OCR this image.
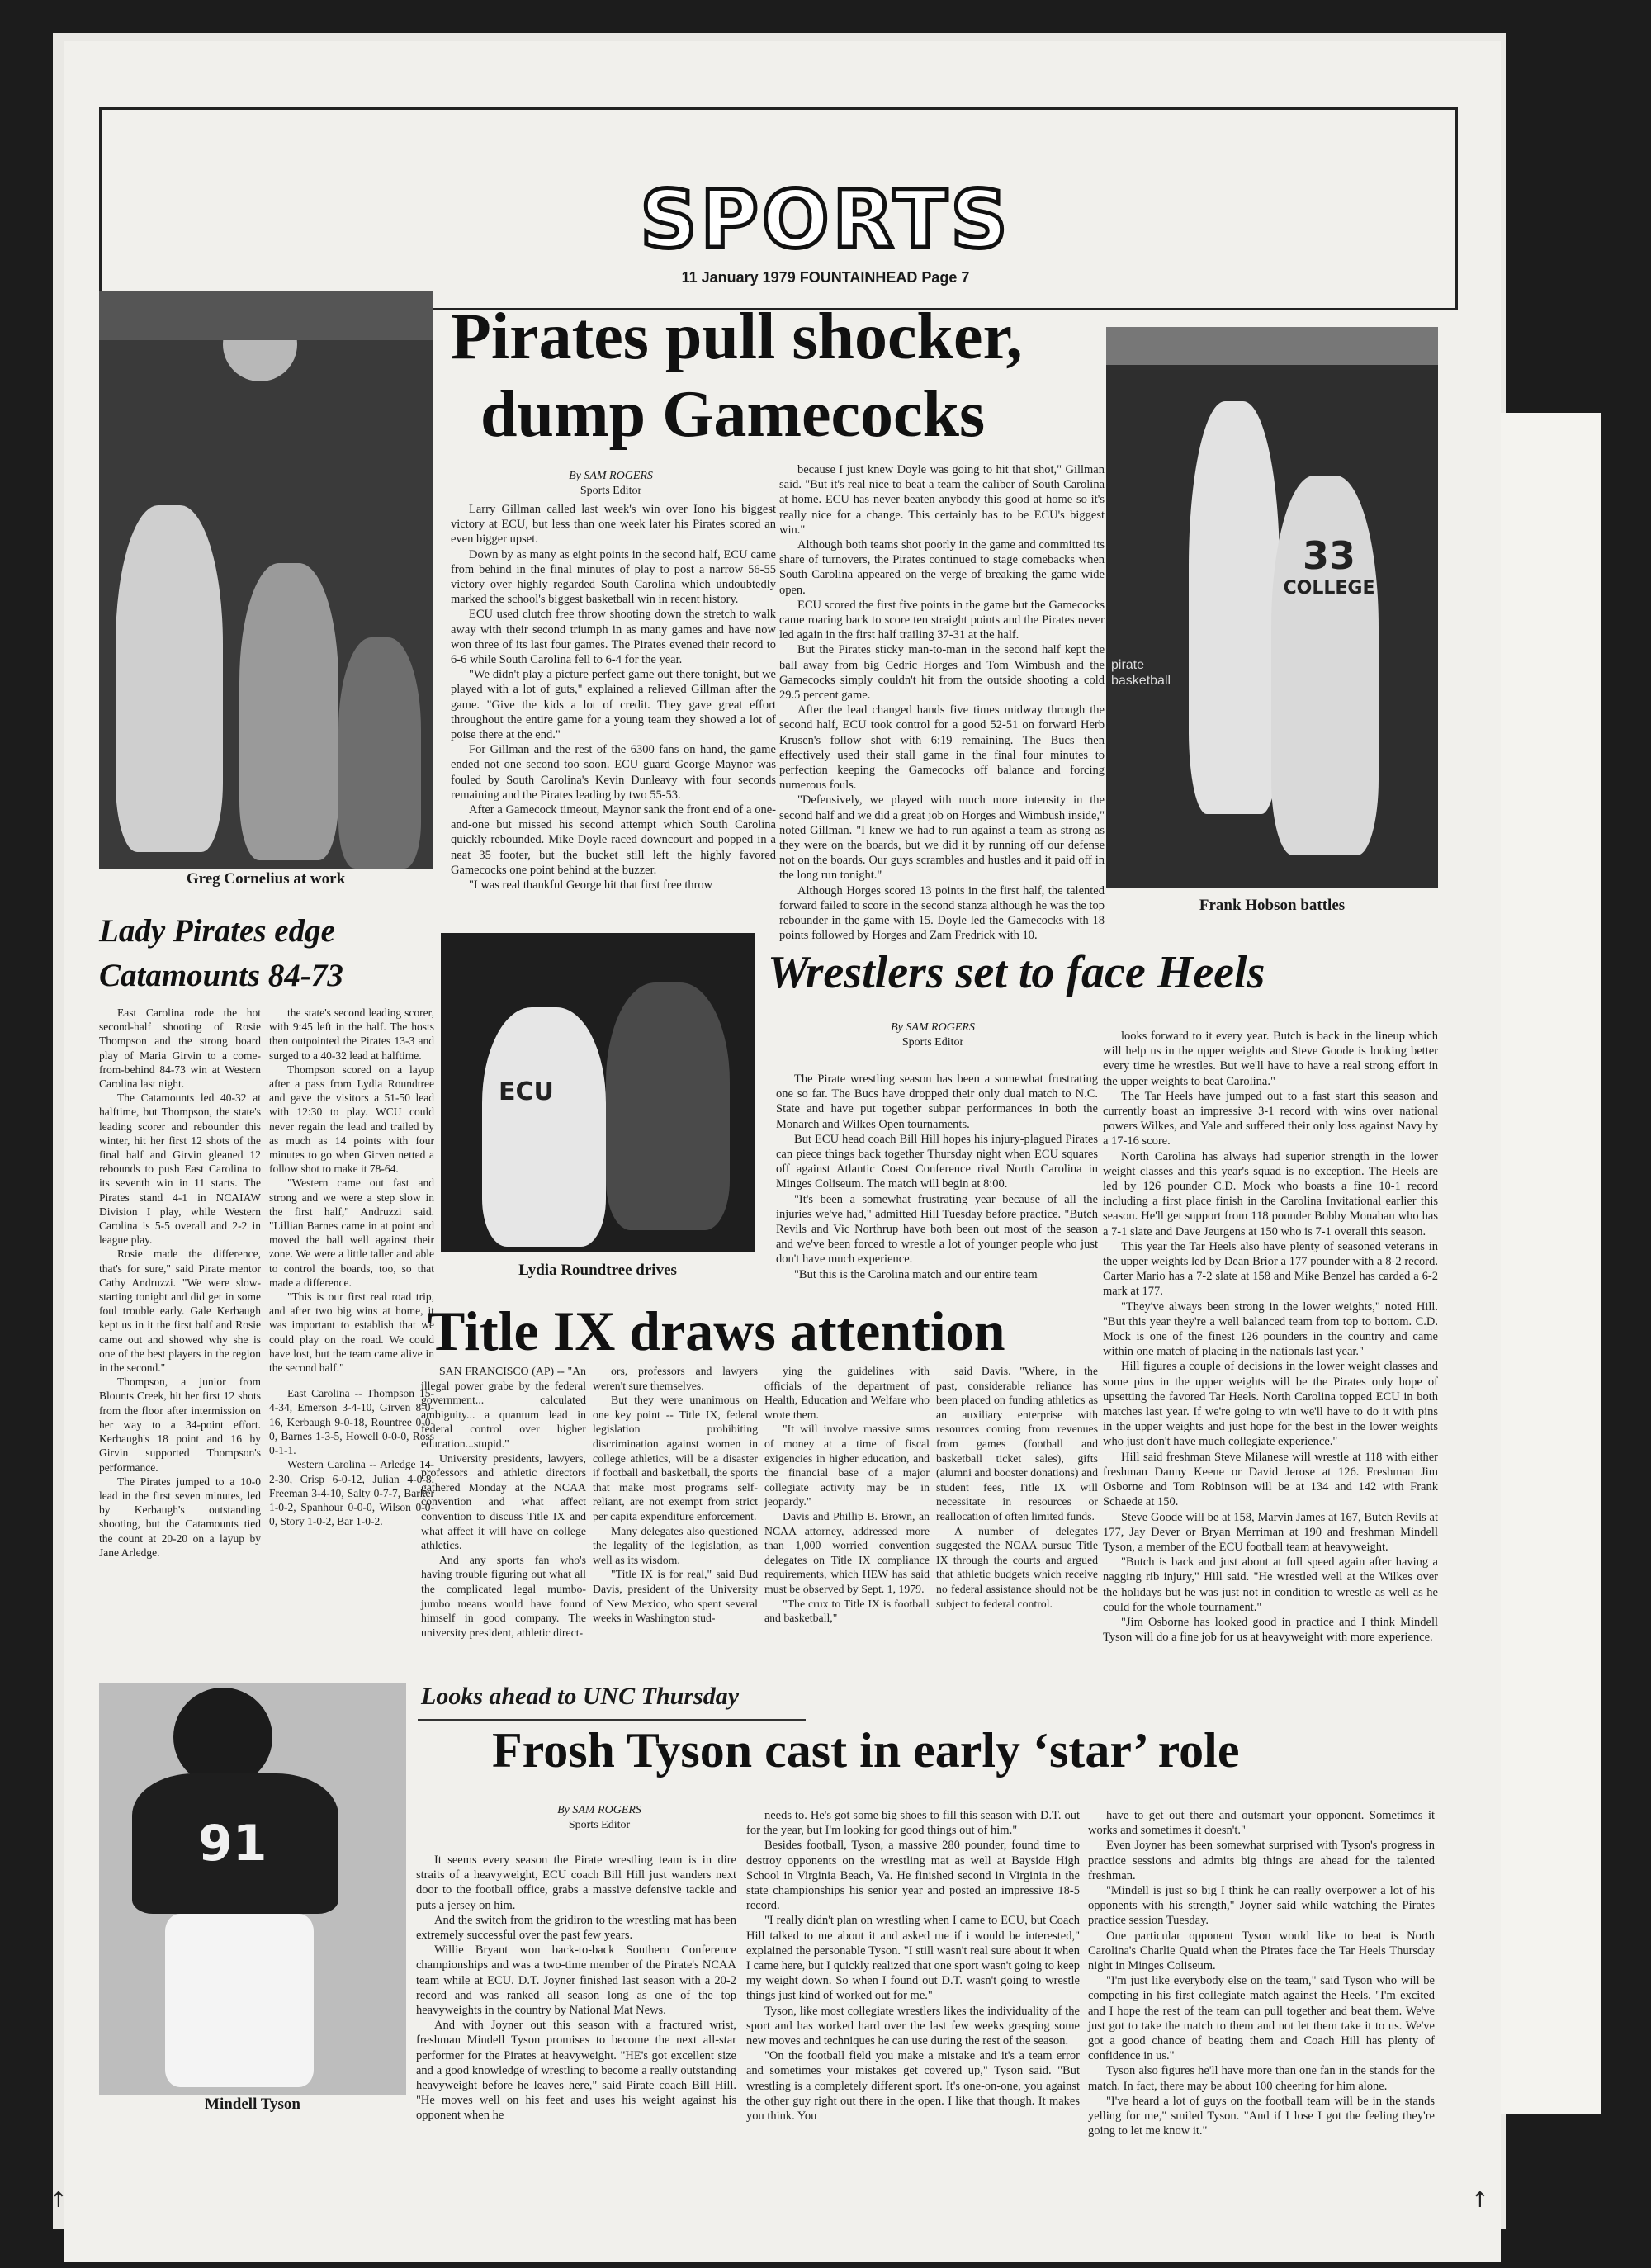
SPORTS
11 January 1979 FOUNTAINHEAD Page 7
Greg Cornelius at work
Pirates pull shocker,
dump Gamecocks
By SAM ROGERS
Sports Editor

Larry Gillman called last week's win over Iono his biggest victory at ECU, but less than one week later his Pirates scored an even bigger upset.

Down by as many as eight points in the second half, ECU came from behind in the final minutes of play to post a narrow 56-55 victory over highly regarded South Carolina which undoubtedly marked the school's biggest basketball win in recent history.

ECU used clutch free throw shooting down the stretch to walk away with their second triumph in as many games and have now won three of its last four games. The Pirates evened their record to 6-6 while South Carolina fell to 6-4 for the year.

"We didn't play a picture perfect game out there tonight, but we played with a lot of guts," explained a relieved Gillman after the game. "Give the kids a lot of credit. They gave great effort throughout the entire game for a young team they showed a lot of poise there at the end."

For Gillman and the rest of the 6300 fans on hand, the game ended not one second too soon. ECU guard George Maynor was fouled by South Carolina's Kevin Dunleavy with four seconds remaining and the Pirates leading by two 55-53.

After a Gamecock timeout, Maynor sank the front end of a one-and-one but missed his second attempt which South Carolina quickly rebounded. Mike Doyle raced downcourt and popped in a neat 35 footer, but the bucket still left the highly favored Gamecocks one point behind at the buzzer.

"I was real thankful George hit that first free throw

because I just knew Doyle was going to hit that shot," Gillman said. "But it's real nice to beat a team the caliber of South Carolina at home. ECU has never beaten anybody this good at home so it's really nice for a change. This certainly has to be ECU's biggest win."

Although both teams shot poorly in the game and committed its share of turnovers, the Pirates continued to stage comebacks when South Carolina appeared on the verge of breaking the game wide open.

ECU scored the first five points in the game but the Gamecocks came roaring back to score ten straight points and the Pirates never led again in the first half trailing 37-31 at the half.

But the Pirates sticky man-to-man in the second half kept the ball away from big Cedric Horges and Tom Wimbush and the Gamecocks simply couldn't hit from the outside shooting a cold 29.5 percent game.

After the lead changed hands five times midway through the second half, ECU took control for a good 52-51 on forward Herb Krusen's follow shot with 6:19 remaining. The Bucs then effectively used their stall game in the final four minutes to perfection keeping the Gamecocks off balance and forcing numerous fouls.

"Defensively, we played with much more intensity in the second half and we did a great job on Horges and Wimbush inside," noted Gillman. "I knew we had to run against a team as strong as they were on the boards, but we did it by running off our defense not on the boards. Our guys scrambles and hustles and it paid off in the long run tonight."

Although Horges scored 13 points in the first half, the talented forward failed to score in the second stanza although he was the top rebounder in the game with 15. Doyle led the Gamecocks with 18 points followed by Horges and Zam Fredrick with 10.

33
COLLEGE
pirate basketball
Frank Hobson battles
Lady Pirates edge
Catamounts 84-73

East Carolina rode the hot second-half shooting of Rosie Thompson and the strong board play of Maria Girvin to a come-from-behind 84-73 win at Western Carolina last night.

The Catamounts led 40-32 at halftime, but Thompson, the state's leading scorer and rebounder this winter, hit her first 12 shots of the final half and Girvin gleaned 12 rebounds to push East Carolina to its seventh win in 11 starts. The Pirates stand 4-1 in NCAIAW Division I play, while Western Carolina is 5-5 overall and 2-2 in league play.

Rosie made the difference, that's for sure," said Pirate mentor Cathy Andruzzi. "We were slow-starting tonight and did get in some foul trouble early. Gale Kerbaugh kept us in it the first half and Rosie came out and showed why she is one of the best players in the region in the second."

Thompson, a junior from Blounts Creek, hit her first 12 shots from the floor after intermission on her way to a 34-point effort. Kerbaugh's 18 point and 16 by Girvin supported Thompson's performance.

The Pirates jumped to a 10-0 lead in the first seven minutes, led by Kerbaugh's outstanding shooting, but the Catamounts tied the count at 20-20 on a layup by Jane Arledge.

the state's second leading scorer, with 9:45 left in the half. The hosts then outpointed the Pirates 13-3 and surged to a 40-32 lead at halftime.

Thompson scored on a layup after a pass from Lydia Roundtree and gave the visitors a 51-50 lead with 12:30 to play. WCU could never regain the lead and trailed by as much as 14 points with four minutes to go when Girven netted a follow shot to make it 78-64.

"Western came out fast and strong and we were a step slow in the first half," Andruzzi said. "Lillian Barnes came in at point and moved the ball well against their zone. We were a little taller and able to control the boards, too, so that made a difference.

"This is our first real road trip, and after two big wins at home, it was important to establish that we could play on the road. We could have lost, but the team came alive in the second half."

East Carolina -- Thompson 15-4-34, Emerson 3-4-10, Girven 8-0-16, Kerbaugh 9-0-18, Rountree 0-0-0, Barnes 1-3-5, Howell 0-0-0, Ross 0-1-1.

Western Carolina -- Arledge 14-2-30, Crisp 6-0-12, Julian 4-0-8, Freeman 3-4-10, Salty 0-7-7, Barker 1-0-2, Spanhour 0-0-0, Wilson 0-0-0, Story 1-0-2, Bar 1-0-2.

ECU
Lydia Roundtree drives
Wrestlers set to face Heels
By SAM ROGERS
Sports Editor

The Pirate wrestling season has been a somewhat frustrating one so far. The Bucs have dropped their only dual match to N.C. State and have put together subpar performances in both the Monarch and Wilkes Open tournaments.

But ECU head coach Bill Hill hopes his injury-plagued Pirates can piece things back together Thursday night when ECU squares off against Atlantic Coast Conference rival North Carolina in Minges Coliseum. The match will begin at 8:00.

"It's been a somewhat frustrating year because of all the injuries we've had," admitted Hill Tuesday before practice. "Butch Revils and Vic Northrup have both been out most of the season and we've been forced to wrestle a lot of younger people who just don't have much experience.

"But this is the Carolina match and our entire team

looks forward to it every year. Butch is back in the lineup which will help us in the upper weights and Steve Goode is looking better every time he wrestles. But we'll have to have a real strong effort in the upper weights to beat Carolina."

The Tar Heels have jumped out to a fast start this season and currently boast an impressive 3-1 record with wins over national powers Wilkes, and Yale and suffered their only loss against Navy by a 17-16 score.

North Carolina has always had superior strength in the lower weight classes and this year's squad is no exception. The Heels are led by 126 pounder C.D. Mock who boasts a fine 10-1 record including a first place finish in the Carolina Invitational earlier this season. He'll get support from 118 pounder Bobby Monahan who has a 7-1 slate and Dave Jeurgens at 150 who is 7-1 overall this season.

This year the Tar Heels also have plenty of seasoned veterans in the upper weights led by Dean Brior a 177 pounder with a 8-2 record. Carter Mario has a 7-2 slate at 158 and Mike Benzel has carded a 6-2 mark at 177.

"They've always been strong in the lower weights," noted Hill. "But this year they're a well balanced team from top to bottom. C.D. Mock is one of the finest 126 pounders in the country and came within one match of placing in the nationals last year."

Hill figures a couple of decisions in the lower weight classes and some pins in the upper weights will be the Pirates only hope of upsetting the favored Tar Heels. North Carolina topped ECU in both matches last year. If we're going to win we'll have to do it with pins in the upper weights and just hope for the best in the lower weights who just don't have much collegiate experience."

Hill said freshman Steve Milanese will wrestle at 118 with either freshman Danny Keene or David Jerose at 126. Freshman Jim Osborne and Tom Robinson will be at 134 and 142 with Frank Schaede at 150.

Steve Goode will be at 158, Marvin James at 167, Butch Revils at 177, Jay Dever or Bryan Merriman at 190 and freshman Mindell Tyson, a member of the ECU football team at heavyweight.

"Butch is back and just about at full speed again after having a nagging rib injury," Hill said. "He wrestled well at the Wilkes over the holidays but he was just not in condition to wrestle as well as he could for the whole tournament."

"Jim Osborne has looked good in practice and I think Mindell Tyson will do a fine job for us at heavyweight with more experience.

Title IX draws attention

SAN FRANCISCO (AP) -- "An illegal power grabe by the federal government... calculated ambiguity... a quantum lead in federal control over higher education...stupid."

University presidents, lawyers, professors and athletic directors gathered Monday at the NCAA convention and what affect convention to discuss Title IX and what affect it will have on college athletics.

And any sports fan who's having trouble figuring out what all the complicated legal mumbo-jumbo means would have found himself in good company. The university president, athletic direct-

ors, professors and lawyers weren't sure themselves.

But they were unanimous on one key point -- Title IX, federal legislation prohibiting discrimination against women in college athletics, will be a disaster if football and basketball, the sports that make most programs self-reliant, are not exempt from strict per capita expenditure enforcement.

Many delegates also questioned the legality of the legislation, as well as its wisdom.

"Title IX is for real," said Bud Davis, president of the University of New Mexico, who spent several weeks in Washington stud-

ying the guidelines with officials of the department of Health, Education and Welfare who wrote them.

"It will involve massive sums of money at a time of fiscal exigencies in higher education, and the financial base of a major collegiate activity may be in jeopardy."

Davis and Phillip B. Brown, an NCAA attorney, addressed more than 1,000 worried convention delegates on Title IX compliance requirements, which HEW has said must be observed by Sept. 1, 1979.

"The crux to Title IX is football and basketball,"

said Davis. "Where, in the past, considerable reliance has been placed on funding athletics as an auxiliary enterprise with resources coming from revenues from games (football and basketball ticket sales), gifts (alumni and booster donations) and student fees, Title IX will necessitate in resources or reallocation of often limited funds.

A number of delegates suggested the NCAA pursue Title IX through the courts and argued that athletic budgets which receive no federal assistance should not be subject to federal control.

Looks ahead to UNC Thursday
Frosh Tyson cast in early ‘star’ role
By SAM ROGERS
Sports Editor

It seems every season the Pirate wrestling team is in dire straits of a heavyweight, ECU coach Bill Hill just wanders next door to the football office, grabs a massive defensive tackle and puts a jersey on him.

And the switch from the gridiron to the wrestling mat has been extremely successful over the past few years.

Willie Bryant won back-to-back Southern Conference championships and was a two-time member of the Pirate's NCAA team while at ECU. D.T. Joyner finished last season with a 20-2 record and was ranked all season long as one of the top heavyweights in the country by National Mat News.

And with Joyner out this season with a fractured wrist, freshman Mindell Tyson promises to become the next all-star performer for the Pirates at heavyweight. "HE's got excellent size and a good knowledge of wrestling to become a really outstanding heavyweight before he leaves here," said Pirate coach Bill Hill. "He moves well on his feet and uses his weight against his opponent when he

needs to. He's got some big shoes to fill this season with D.T. out for the year, but I'm looking for good things out of him."

Besides football, Tyson, a massive 280 pounder, found time to destroy opponents on the wrestling mat as well at Bayside High School in Virginia Beach, Va. He finished second in Virginia in the state championships his senior year and posted an impressive 18-5 record.

"I really didn't plan on wrestling when I came to ECU, but Coach Hill talked to me about it and asked me if i would be interested," explained the personable Tyson. "I still wasn't real sure about it when I came here, but I quickly realized that one sport wasn't going to keep my weight down. So when I found out D.T. wasn't going to wrestle things just kind of worked out for me."

Tyson, like most collegiate wrestlers likes the individuality of the sport and has worked hard over the last few weeks grasping some new moves and techniques he can use during the rest of the season.

"On the football field you make a mistake and it's a team error and sometimes your mistakes get covered up," Tyson said. "But wrestling is a completely different sport. It's one-on-one, you against the other guy right out there in the open. I like that though. It makes you think. You

have to get out there and outsmart your opponent. Sometimes it works and sometimes it doesn't."

Even Joyner has been somewhat surprised with Tyson's progress in practice sessions and admits big things are ahead for the talented freshman.

"Mindell is just so big I think he can really overpower a lot of his opponents with his strength," Joyner said while watching the Pirates practice session Tuesday.

One particular opponent Tyson would like to beat is North Carolina's Charlie Quaid when the Pirates face the Tar Heels Thursday night in Minges Coliseum.

"I'm just like everybody else on the team," said Tyson who will be competing in his first collegiate match against the Heels. "I'm excited and I hope the rest of the team can pull together and beat them. We've just got to take the match to them and not let them take it to us. We've got a good chance of beating them and Coach Hill has plenty of confidence in us."

Tyson also figures he'll have more than one fan in the stands for the match. In fact, there may be about 100 cheering for him alone.

"I've heard a lot of guys on the football team will be in the stands yelling for me," smiled Tyson. "And if I lose I got the feeling they're going to let me know it."

91
Mindell Tyson
↑	↑
